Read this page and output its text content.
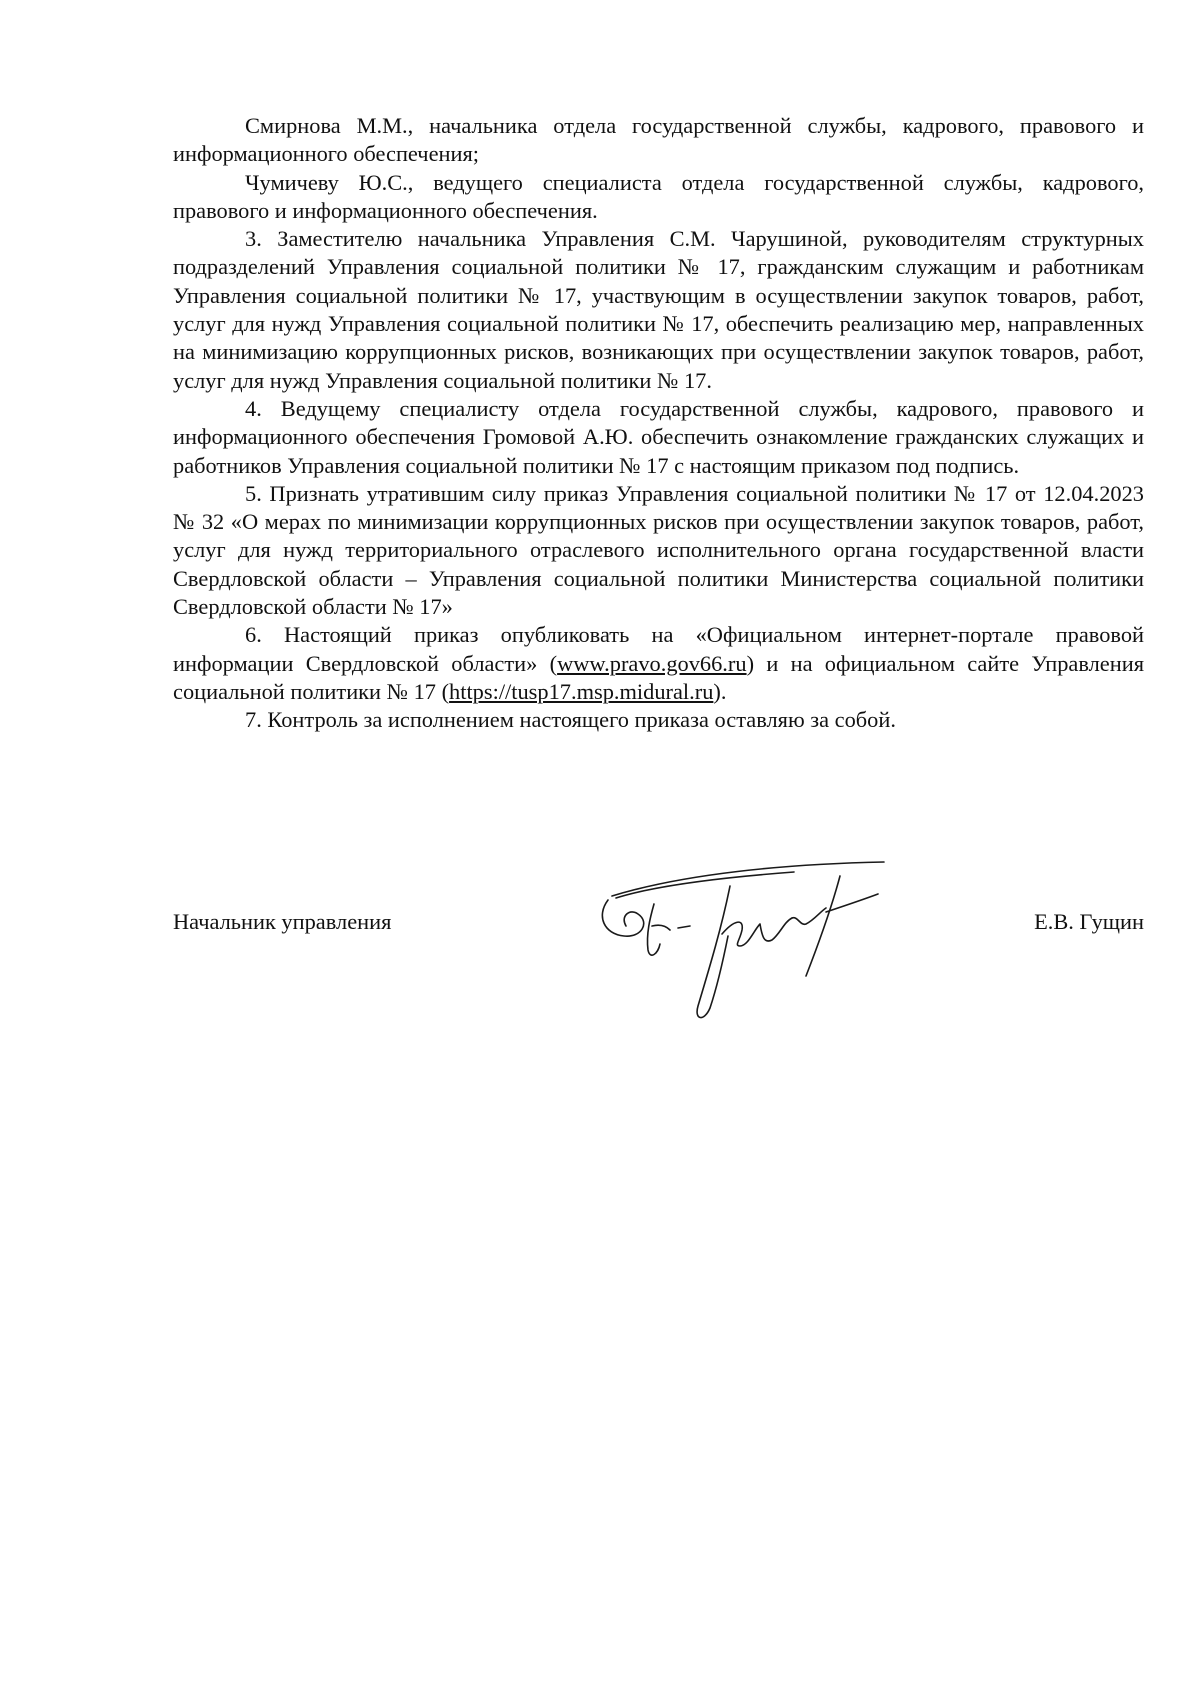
Смирнова М.М., начальника отдела государственной службы, кадрового, правового и информационного обеспечения;

Чумичеву Ю.С., ведущего специалиста отдела государственной службы, кадрового, правового и информационного обеспечения.

3. Заместителю начальника Управления С.М. Чарушиной, руководителям структурных подразделений Управления социальной политики № 17, гражданским служащим и работникам Управления социальной политики № 17, участвующим в осуществлении закупок товаров, работ, услуг для нужд Управления социальной политики № 17, обеспечить реализацию мер, направленных на минимизацию коррупционных рисков, возникающих при осуществлении закупок товаров, работ, услуг для нужд Управления социальной политики № 17.

4. Ведущему специалисту отдела государственной службы, кадрового, правового и информационного обеспечения Громовой А.Ю. обеспечить ознакомление гражданских служащих и работников Управления социальной политики № 17 с настоящим приказом под подпись.

5. Признать утратившим силу приказ Управления социальной политики № 17 от 12.04.2023 № 32 «О мерах по минимизации коррупционных рисков при осуществлении закупок товаров, работ, услуг для нужд территориального отраслевого исполнительного органа государственной власти Свердловской области – Управления социальной политики Министерства социальной политики Свердловской области № 17»

6. Настоящий приказ опубликовать на «Официальном интернет-портале правовой информации Свердловской области» (www.pravo.gov66.ru) и на официальном сайте Управления социальной политики № 17 (https://tusp17.msp.midural.ru).

7. Контроль за исполнением настоящего приказа оставляю за собой.

Начальник управления	Е.В. Гущин
